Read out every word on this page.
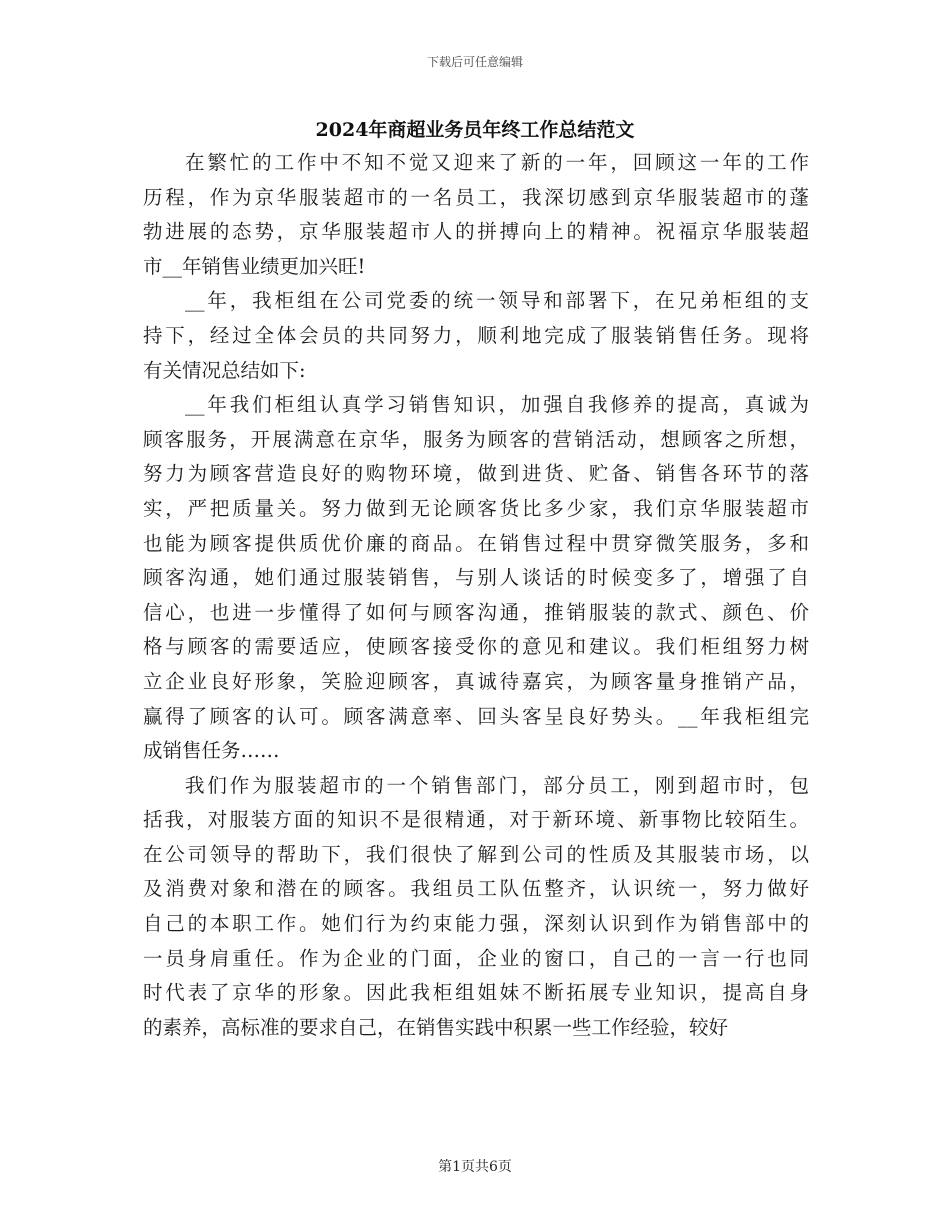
下载后可任意编辑
2024年商超业务员年终工作总结范文

在繁忙的工作中不知不觉又迎来了新的一年，回顾这一年的工作
历程，作为京华服装超市的一名员工，我深切感到京华服装超市的蓬
勃进展的态势，京华服装超市人的拼搏向上的精神。祝福京华服装超
市__年销售业绩更加兴旺!

__年，我柜组在公司党委的统一领导和部署下，在兄弟柜组的支
持下，经过全体会员的共同努力，顺利地完成了服装销售任务。现将
有关情况总结如下:

__年我们柜组认真学习销售知识，加强自我修养的提高，真诚为
顾客服务，开展满意在京华，服务为顾客的营销活动，想顾客之所想，
努力为顾客营造良好的购物环境，做到进货、贮备、销售各环节的落
实，严把质量关。努力做到无论顾客货比多少家，我们京华服装超市
也能为顾客提供质优价廉的商品。在销售过程中贯穿微笑服务，多和
顾客沟通，她们通过服装销售，与别人谈话的时候变多了，增强了自
信心，也进一步懂得了如何与顾客沟通，推销服装的款式、颜色、价
格与顾客的需要适应，使顾客接受你的意见和建议。我们柜组努力树
立企业良好形象，笑脸迎顾客，真诚待嘉宾，为顾客量身推销产品，
赢得了顾客的认可。顾客满意率、回头客呈良好势头。__年我柜组完
成销售任务……

我们作为服装超市的一个销售部门，部分员工，刚到超市时，包
括我，对服装方面的知识不是很精通，对于新环境、新事物比较陌生。
在公司领导的帮助下，我们很快了解到公司的性质及其服装市场，以
及消费对象和潜在的顾客。我组员工队伍整齐，认识统一，努力做好
自己的本职工作。她们行为约束能力强，深刻认识到作为销售部中的
一员身肩重任。作为企业的门面，企业的窗口，自己的一言一行也同
时代表了京华的形象。因此我柜组姐妹不断拓展专业知识，提高自身
的素养，高标准的要求自己，在销售实践中积累一些工作经验，较好

第1页共6页
